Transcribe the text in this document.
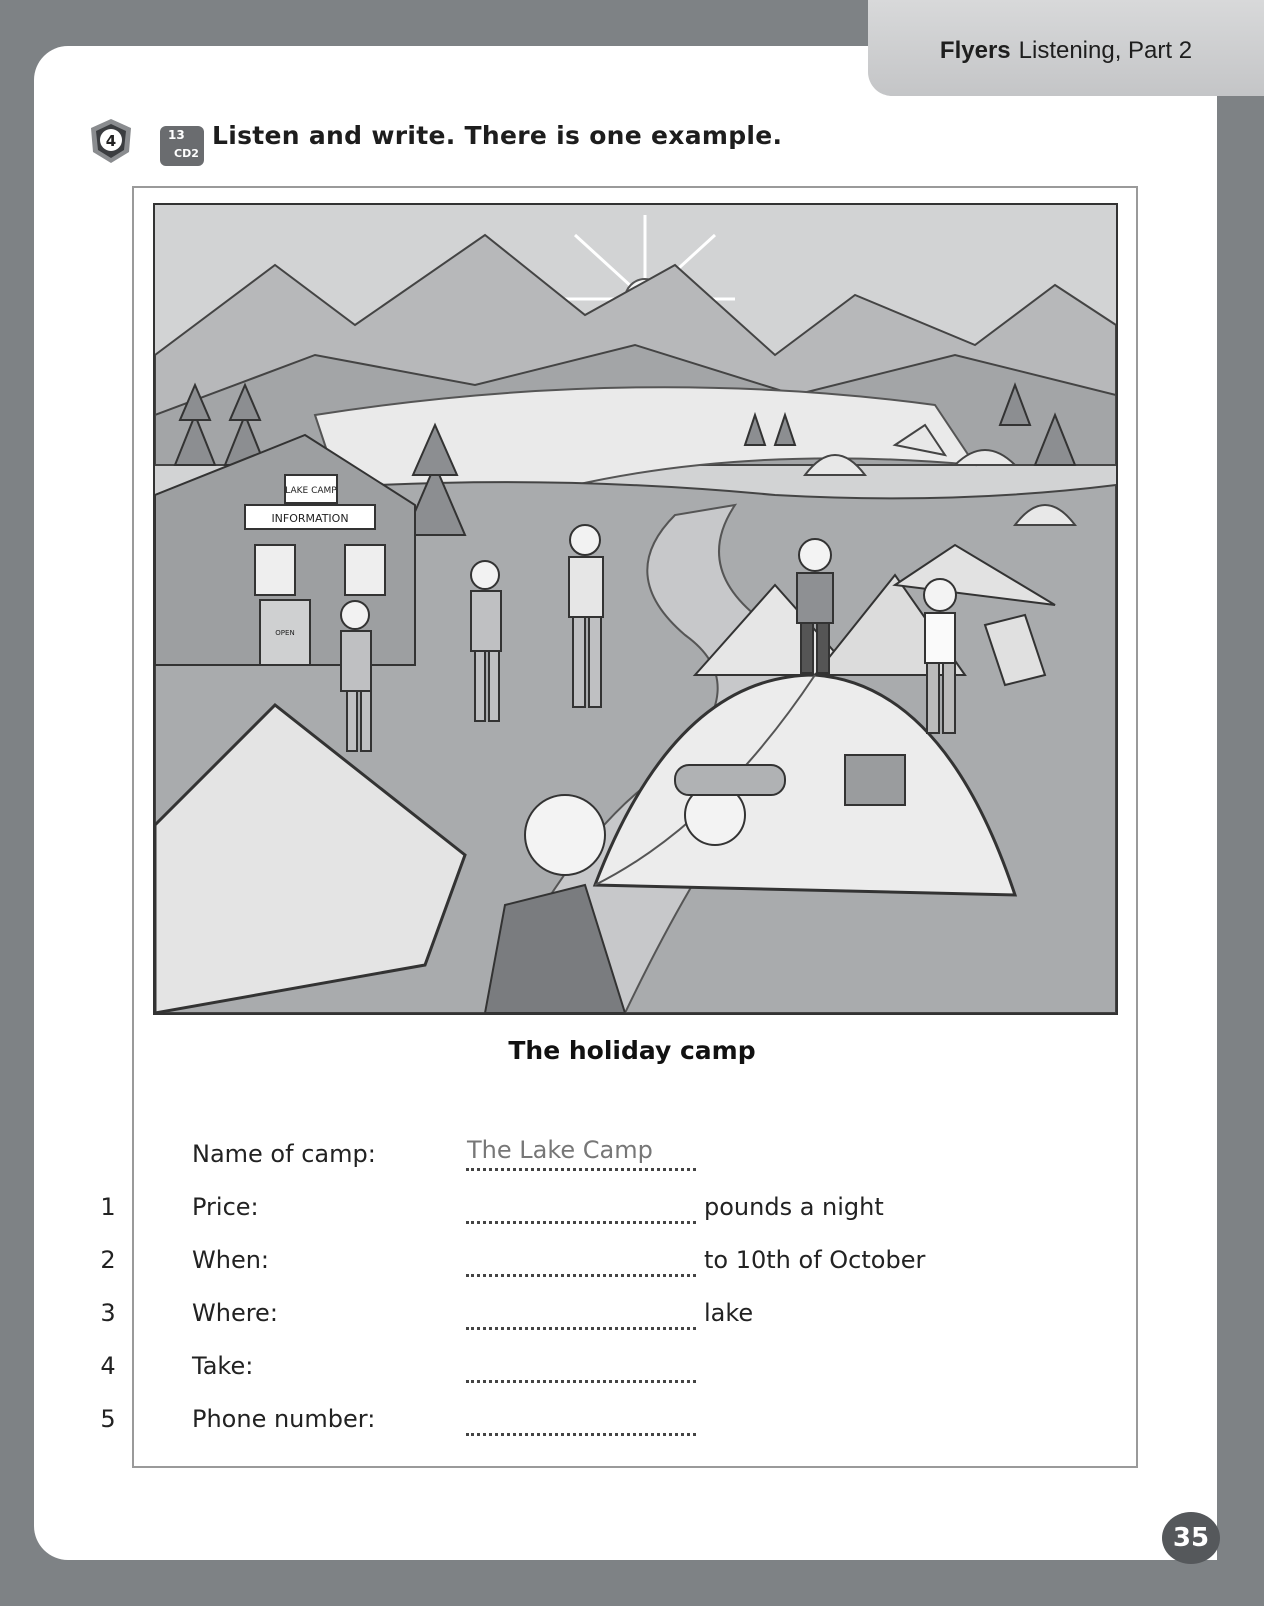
Flyers Listening, Part 2
4	13
CD2
Listen and write. There is one example.
LAKE CAMP
INFORMATION
OPEN
The holiday camp
Name of camp:	The Lake Camp
1	Price:	pounds a night
2	When:	to 10th of October
3	Where:	lake
4	Take:
5	Phone number:
35
